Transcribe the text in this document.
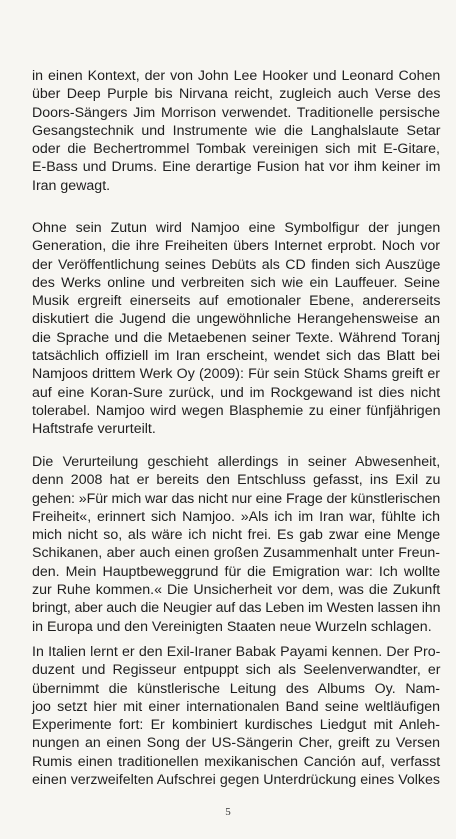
in einen Kontext, der von John Lee Hooker und Leonard Cohen
über Deep Purple bis Nirvana reicht, zugleich auch Verse des
Doors-Sängers Jim Morrison verwendet. Traditionelle persische
Gesangstechnik und Instrumente wie die Langhalslaute Setar
oder die Bechertrommel Tombak vereinigen sich mit E-Gitare,
E-Bass und Drums. Eine derartige Fusion hat vor ihm keiner im
Iran gewagt.
Ohne sein Zutun wird Namjoo eine Symbolfigur der jungen
Generation, die ihre Freiheiten übers Internet erprobt. Noch vor
der Veröffentlichung seines Debüts als CD finden sich Auszüge
des Werks online und verbreiten sich wie ein Lauffeuer. Seine
Musik ergreift einerseits auf emotionaler Ebene, andererseits
diskutiert die Jugend die ungewöhnliche Herangehensweise an
die Sprache und die Metaebenen seiner Texte. Während Toranj
tatsächlich offiziell im Iran erscheint, wendet sich das Blatt bei
Namjoos drittem Werk Oy (2009): Für sein Stück Shams greift er
auf eine Koran-Sure zurück, und im Rockgewand ist dies nicht
tolerabel. Namjoo wird wegen Blasphemie zu einer fünfjährigen
Haftstrafe verurteilt.
Die Verurteilung geschieht allerdings in seiner Abwesenheit,
denn 2008 hat er bereits den Entschluss gefasst, ins Exil zu
gehen: »Für mich war das nicht nur eine Frage der künstlerischen
Freiheit«, erinnert sich Namjoo. »Als ich im Iran war, fühlte ich
mich nicht so, als wäre ich nicht frei. Es gab zwar eine Menge
Schikanen, aber auch einen großen Zusammenhalt unter Freun-
den. Mein Hauptbeweggrund für die Emigration war: Ich wollte
zur Ruhe kommen.« Die Unsicherheit vor dem, was die Zukunft
bringt, aber auch die Neugier auf das Leben im Westen lassen ihn
in Europa und den Vereinigten Staaten neue Wurzeln schlagen.
In Italien lernt er den Exil-Iraner Babak Payami kennen. Der Pro-
duzent und Regisseur entpuppt sich als Seelenverwandter, er
übernimmt die künstlerische Leitung des Albums Oy. Nam-
joo setzt hier mit einer internationalen Band seine weltläufigen
Experimente fort: Er kombiniert kurdisches Liedgut mit Anleh-
nungen an einen Song der US-Sängerin Cher, greift zu Versen
Rumis einen traditionellen mexikanischen Canción auf, verfasst
einen verzweifelten Aufschrei gegen Unterdrückung eines Volkes
5
